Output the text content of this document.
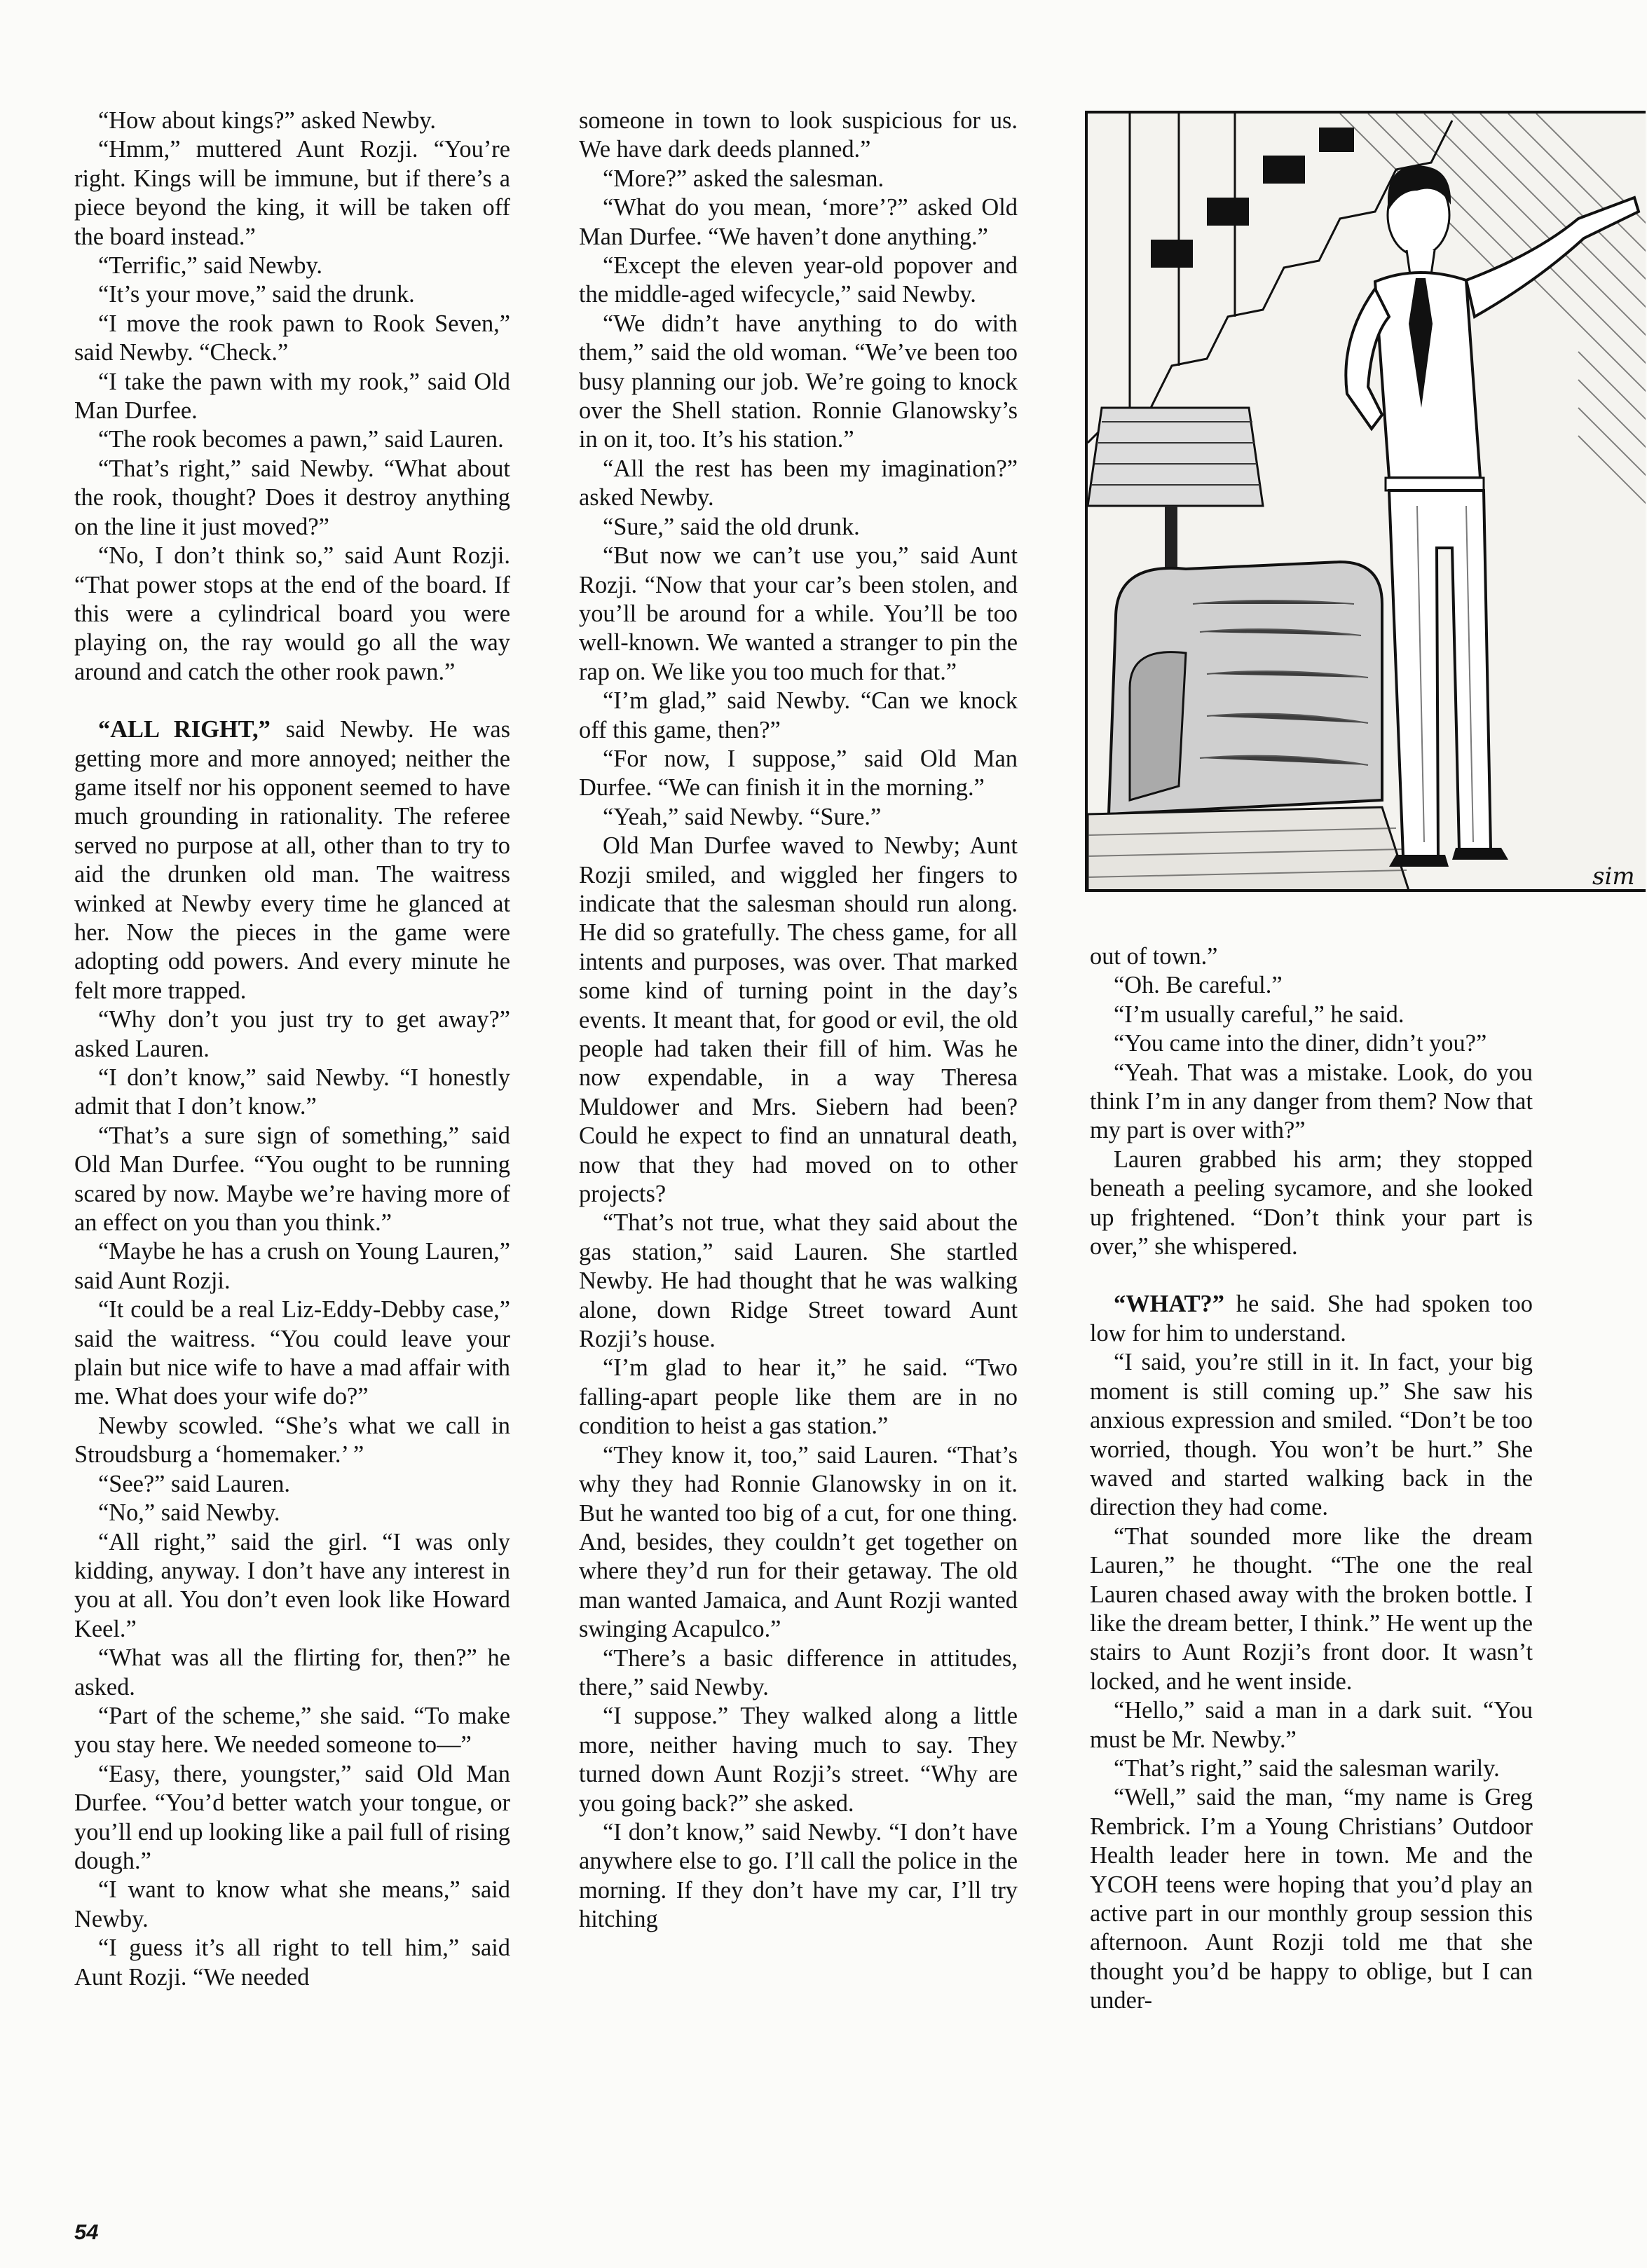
“How about kings?” asked Newby.

“Hmm,” muttered Aunt Rozji. “You’re right. Kings will be immune, but if there’s a piece beyond the king, it will be taken off the board instead.”

“Terrific,” said Newby.

“It’s your move,” said the drunk.

“I move the rook pawn to Rook Seven,” said Newby. “Check.”

“I take the pawn with my rook,” said Old Man Durfee.

“The rook becomes a pawn,” said Lauren.

“That’s right,” said Newby. “What about the rook, thought? Does it destroy anything on the line it just moved?”

“No, I don’t think so,” said Aunt Rozji. “That power stops at the end of the board. If this were a cylindrical board you were playing on, the ray would go all the way around and catch the other rook pawn.”

“ALL RIGHT,” said Newby. He was getting more and more annoyed; neither the game itself nor his opponent seemed to have much grounding in rationality. The referee served no purpose at all, other than to try to aid the drunken old man. The waitress winked at Newby every time he glanced at her. Now the pieces in the game were adopting odd powers. And every minute he felt more trapped.

“Why don’t you just try to get away?” asked Lauren.

“I don’t know,” said Newby. “I honestly admit that I don’t know.”

“That’s a sure sign of something,” said Old Man Durfee. “You ought to be running scared by now. Maybe we’re having more of an effect on you than you think.”

“Maybe he has a crush on Young Lauren,” said Aunt Rozji.

“It could be a real Liz-Eddy-Debby case,” said the waitress. “You could leave your plain but nice wife to have a mad affair with me. What does your wife do?”

Newby scowled. “She’s what we call in Stroudsburg a ‘homemaker.’ ”

“See?” said Lauren.

“No,” said Newby.

“All right,” said the girl. “I was only kidding, anyway. I don’t have any interest in you at all. You don’t even look like Howard Keel.”

“What was all the flirting for, then?” he asked.

“Part of the scheme,” she said. “To make you stay here. We needed someone to—”

“Easy, there, youngster,” said Old Man Durfee. “You’d better watch your tongue, or you’ll end up looking like a pail full of rising dough.”

“I want to know what she means,” said Newby.

“I guess it’s all right to tell him,” said Aunt Rozji. “We needed

someone in town to look suspicious for us. We have dark deeds planned.”

“More?” asked the salesman.

“What do you mean, ‘more’?” asked Old Man Durfee. “We haven’t done anything.”

“Except the eleven year-old popover and the middle-aged wifecycle,” said Newby.

“We didn’t have anything to do with them,” said the old woman. “We’ve been too busy planning our job. We’re going to knock over the Shell station. Ronnie Glanowsky’s in on it, too. It’s his station.”

“All the rest has been my imagination?” asked Newby.

“Sure,” said the old drunk.

“But now we can’t use you,” said Aunt Rozji. “Now that your car’s been stolen, and you’ll be around for a while. You’ll be too well-known. We wanted a stranger to pin the rap on. We like you too much for that.”

“I’m glad,” said Newby. “Can we knock off this game, then?”

“For now, I suppose,” said Old Man Durfee. “We can finish it in the morning.”

“Yeah,” said Newby. “Sure.”

Old Man Durfee waved to Newby; Aunt Rozji smiled, and wiggled her fingers to indicate that the salesman should run along. He did so gratefully. The chess game, for all intents and purposes, was over. That marked some kind of turning point in the day’s events. It meant that, for good or evil, the old people had taken their fill of him. Was he now expendable, in a way Theresa Muldower and Mrs. Siebern had been? Could he expect to find an unnatural death, now that they had moved on to other projects?

“That’s not true, what they said about the gas station,” said Lauren. She startled Newby. He had thought that he was walking alone, down Ridge Street toward Aunt Rozji’s house.

“I’m glad to hear it,” he said. “Two falling-apart people like them are in no condition to heist a gas station.”

“They know it, too,” said Lauren. “That’s why they had Ronnie Glanowsky in on it. But he wanted too big of a cut, for one thing. And, besides, they couldn’t get together on where they’d run for their getaway. The old man wanted Jamaica, and Aunt Rozji wanted swinging Acapulco.”

“There’s a basic difference in attitudes, there,” said Newby.

“I suppose.” They walked along a little more, neither having much to say. They turned down Aunt Rozji’s street. “Why are you going back?” she asked.

“I don’t know,” said Newby. “I don’t have anywhere else to go. I’ll call the police in the morning. If they don’t have my car, I’ll try hitching

sim

out of town.”

“Oh. Be careful.”

“I’m usually careful,” he said.

“You came into the diner, didn’t you?”

“Yeah. That was a mistake. Look, do you think I’m in any danger from them? Now that my part is over with?”

Lauren grabbed his arm; they stopped beneath a peeling sycamore, and she looked up frightened. “Don’t think your part is over,” she whispered.

“WHAT?” he said. She had spoken too low for him to understand.

“I said, you’re still in it. In fact, your big moment is still coming up.” She saw his anxious expression and smiled. “Don’t be too worried, though. You won’t be hurt.” She waved and started walking back in the direction they had come.

“That sounded more like the dream Lauren,” he thought. “The one the real Lauren chased away with the broken bottle. I like the dream better, I think.” He went up the stairs to Aunt Rozji’s front door. It wasn’t locked, and he went inside.

“Hello,” said a man in a dark suit. “You must be Mr. Newby.”

“That’s right,” said the salesman warily.

“Well,” said the man, “my name is Greg Rembrick. I’m a Young Christians’ Outdoor Health leader here in town. Me and the YCOH teens were hoping that you’d play an active part in our monthly group session this afternoon. Aunt Rozji told me that she thought you’d be happy to oblige, but I can under-

54
